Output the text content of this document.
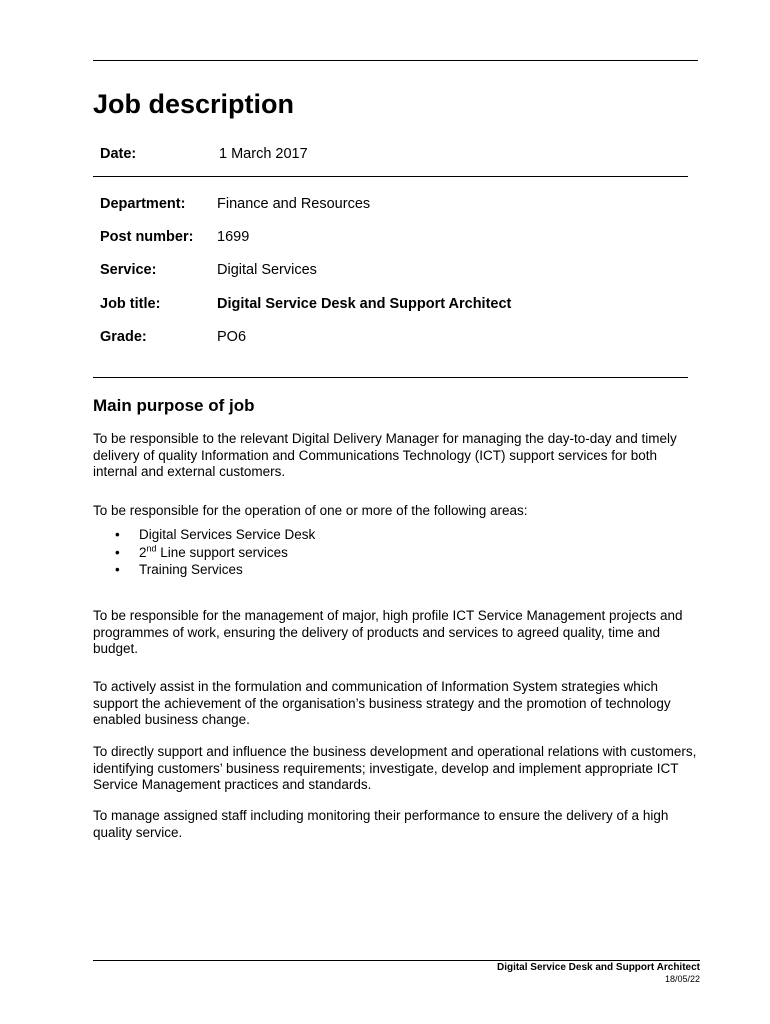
Job description
Date:	1 March 2017
Department: Finance and Resources
Post number: 1699
Service:	Digital Services
Job title:	Digital Service Desk and Support Architect
Grade:	PO6
Main purpose of job

To be responsible to the relevant Digital Delivery Manager for managing the day-to-day and timely delivery of quality Information and Communications Technology (ICT) support services for both internal and external customers.

To be responsible for the operation of one or more of the following areas:

• Digital Services Service Desk
• 2nd Line support services
• Training Services

To be responsible for the management of major, high profile ICT Service Management projects and programmes of work, ensuring the delivery of products and services to agreed quality, time and budget.

To actively assist in the formulation and communication of Information System strategies which support the achievement of the organisation’s business strategy and the promotion of technology enabled business change.

To directly support and influence the business development and operational relations with customers, identifying customers’ business requirements; investigate, develop and implement appropriate ICT Service Management practices and standards.

To manage assigned staff including monitoring their performance to ensure the delivery of a high quality service.

Digital Service Desk and Support Architect
18/05/22
